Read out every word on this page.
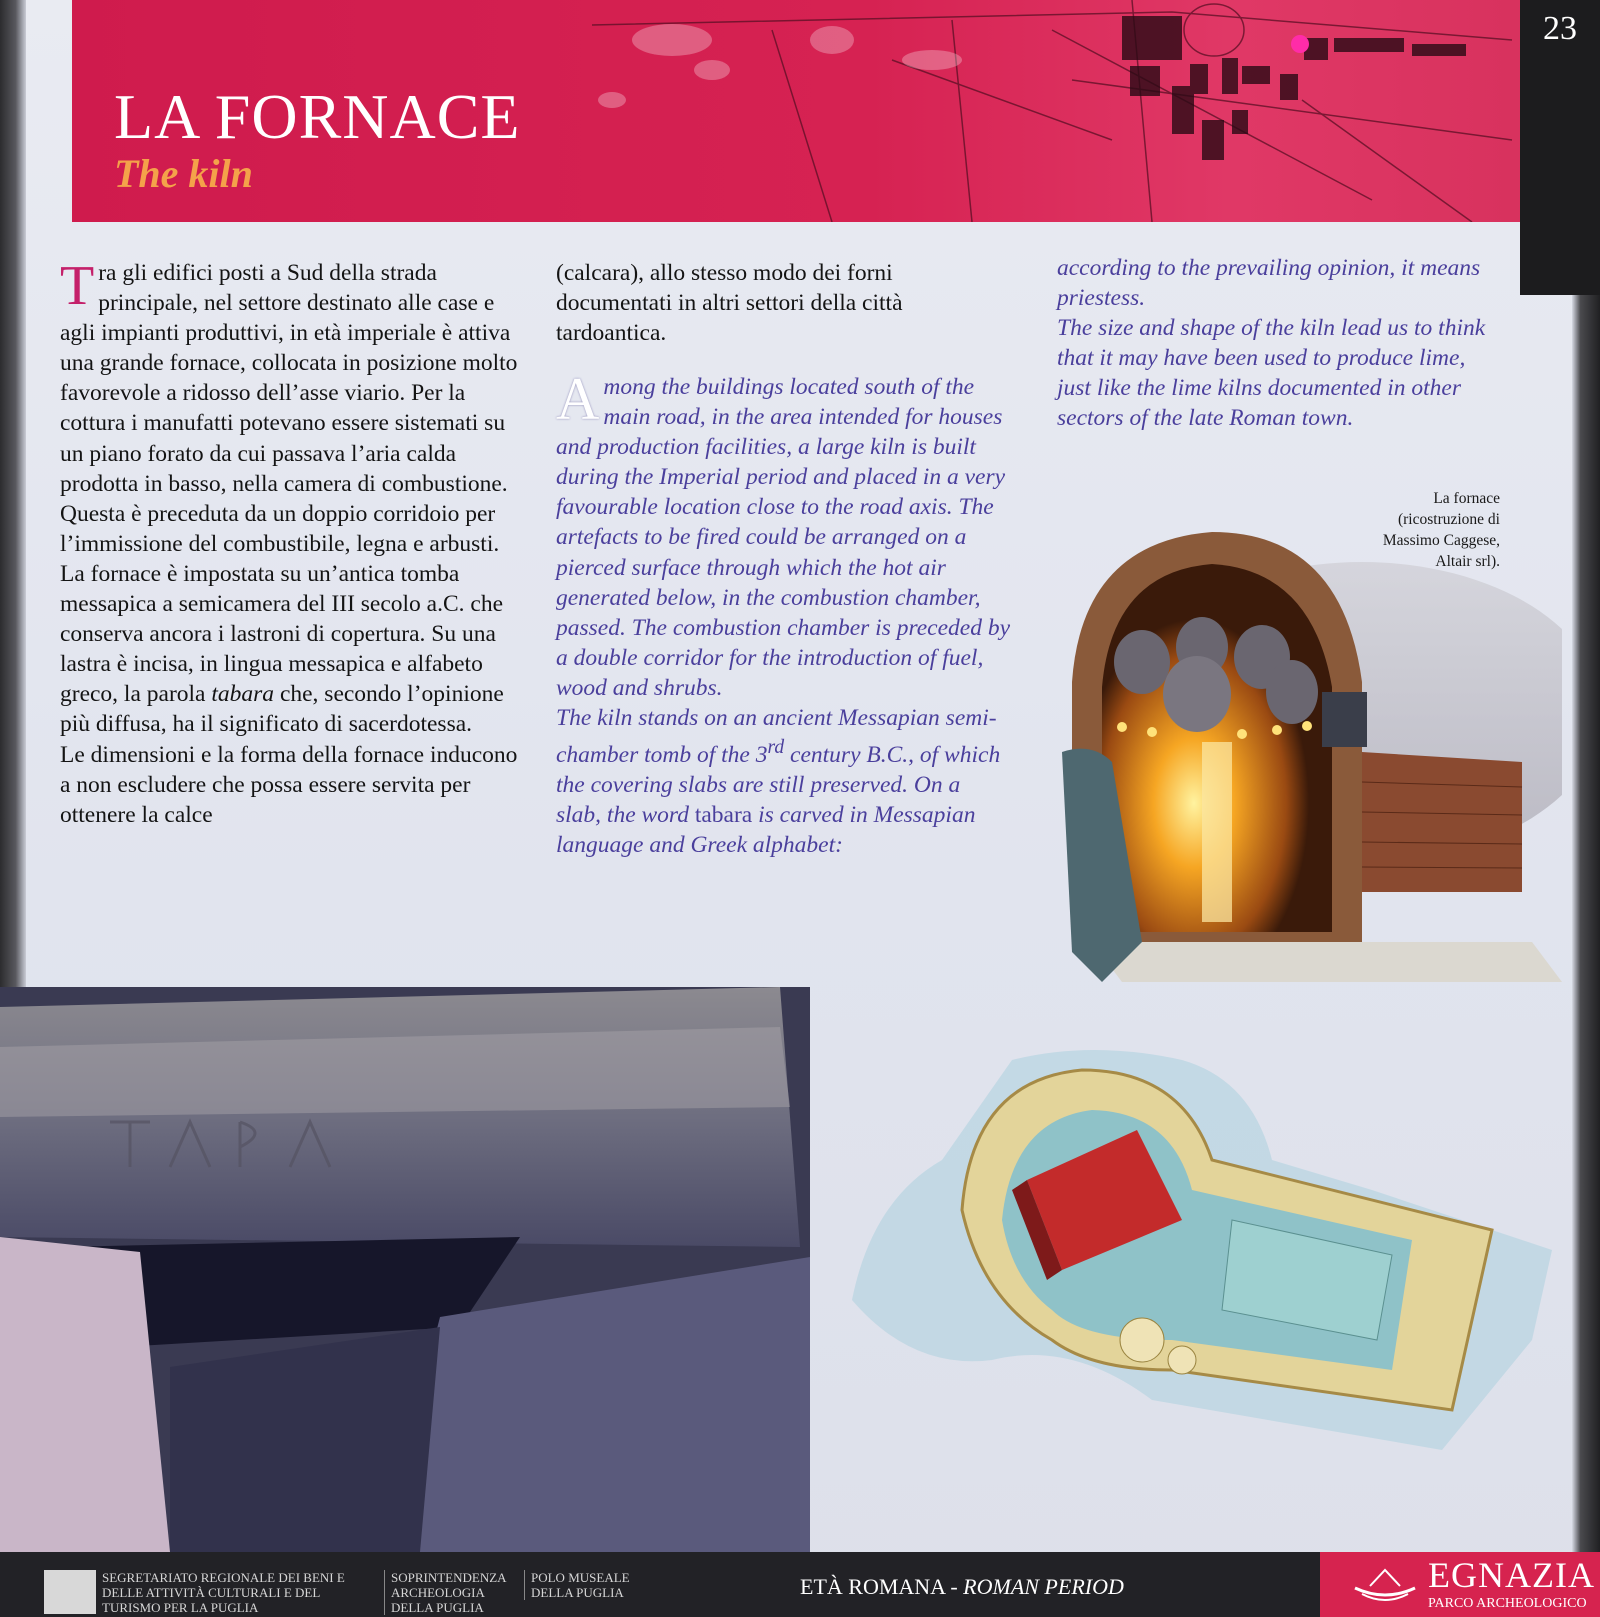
LA FORNACE
The kiln
23

Tra gli edifici posti a Sud della strada principale, nel settore destinato alle case e agli impianti produttivi, in età imperiale è attiva una grande fornace, collocata in posizione molto favorevole a ridosso dell’asse viario. Per la cottura i manufatti potevano essere sistemati su un piano forato da cui passava l’aria calda prodotta in basso, nella camera di combustione. Questa è preceduta da un doppio corridoio per l’immissione del combustibile, legna e arbusti.

La fornace è impostata su un’antica tomba messapica a semicamera del III secolo a.C. che conserva ancora i lastroni di copertura. Su una lastra è incisa, in lingua messapica e alfabeto greco, la parola tabara che, secondo l’opinione più diffusa, ha il significato di sacerdotessa.

Le dimensioni e la forma della fornace inducono a non escludere che possa essere servita per ottenere la calce

(calcara), allo stesso modo dei forni documentati in altri settori della città tardoantica.

Among the buildings located south of the main road, in the area intended for houses and production facilities, a large kiln is built during the Imperial period and placed in a very favourable location close to the road axis. The artefacts to be fired could be arranged on a pierced surface through which the hot air generated below, in the combustion chamber, passed. The combustion chamber is preceded by a double corridor for the introduction of fuel, wood and shrubs.

The kiln stands on an ancient Messapian semi-chamber tomb of the 3rd century B.C., of which the covering slabs are still preserved. On a slab, the word tabara is carved in Messapian language and Greek alphabet:

according to the prevailing opinion, it means priestess.

The size and shape of the kiln lead us to think that it may have been used to produce lime, just like the lime kilns documented in other sectors of the late Roman town.

La fornace
(ricostruzione di
Massimo Caggese,
Altair srl).
SEGRETARIATO REGIONALE DEI BENI E DELLE ATTIVITÀ CULTURALI E DEL TURISMO PER LA PUGLIA
SOPRINTENDENZA ARCHEOLOGIA DELLA PUGLIA
POLO MUSEALE DELLA PUGLIA	ETÀ ROMANA - ROMAN PERIOD	EGNAZIA
PARCO ARCHEOLOGICO
